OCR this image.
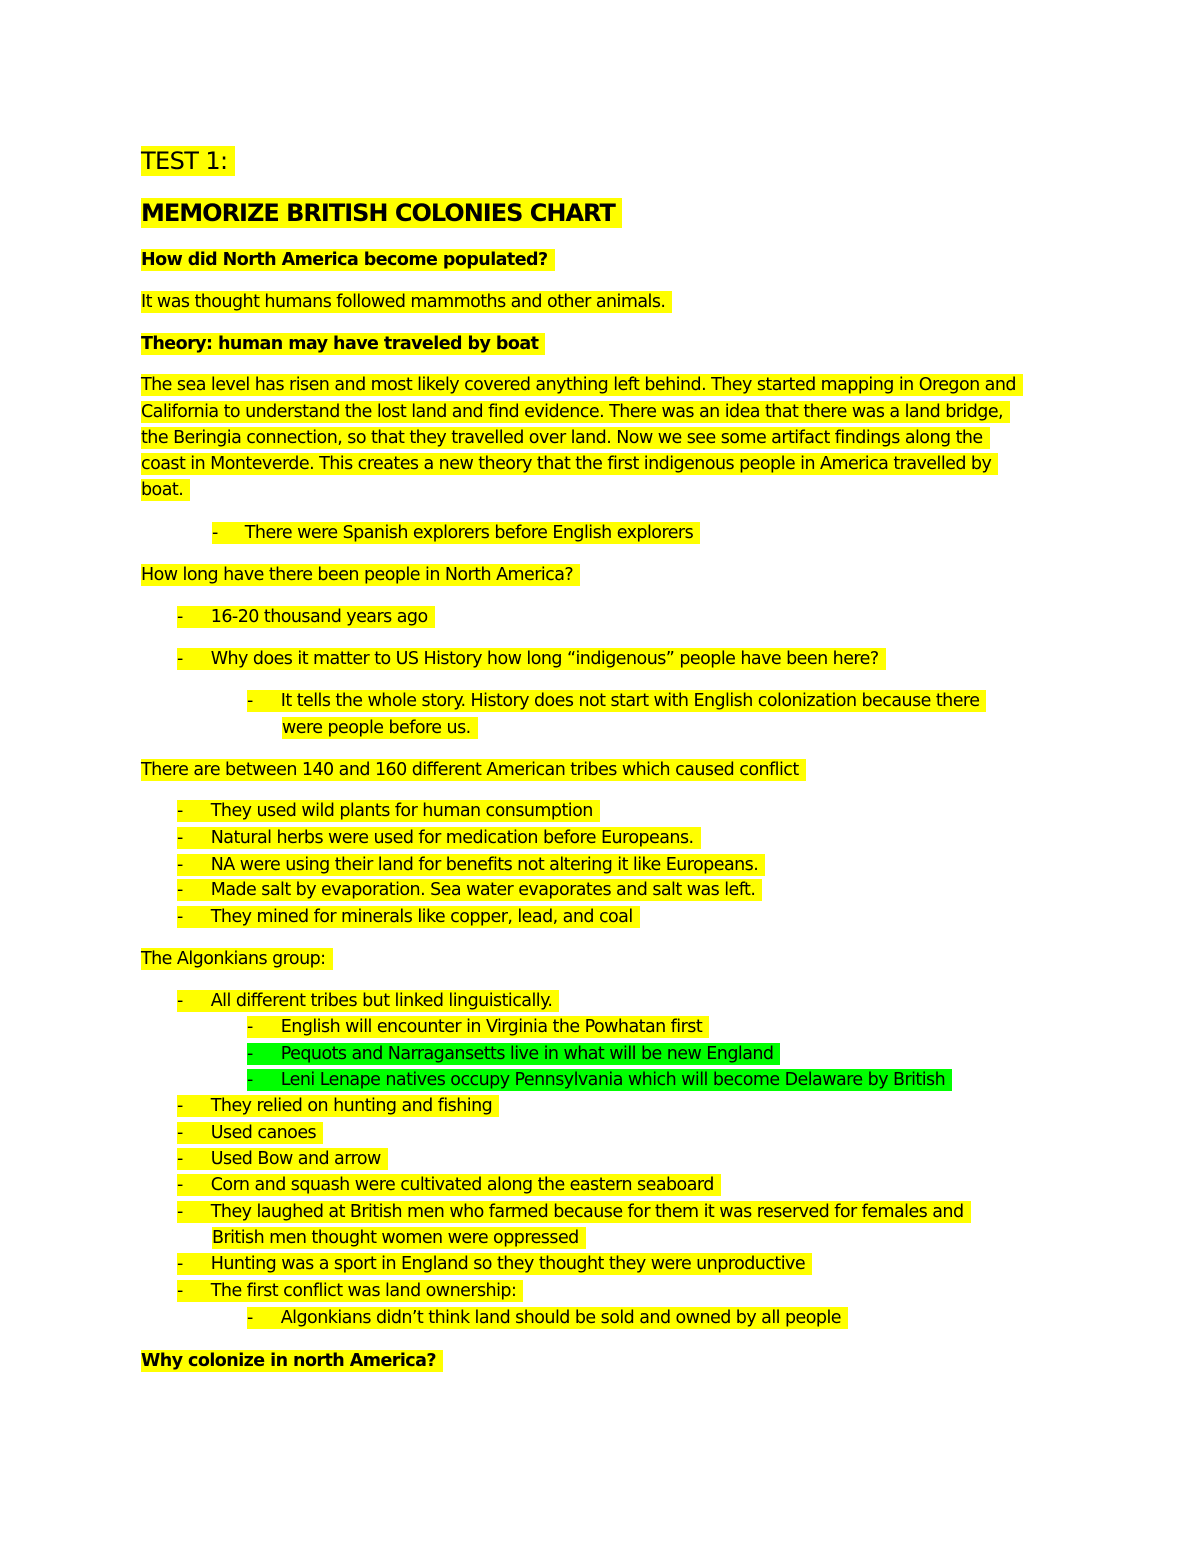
TEST 1:
MEMORIZE BRITISH COLONIES CHART
How did North America become populated?
It was thought humans followed mammoths and other animals.
Theory: human may have traveled by boat
The sea level has risen and most likely covered anything left behind. They started mapping in Oregon and
California to understand the lost land and find evidence. There was an idea that there was a land bridge,
the Beringia connection, so that they travelled over land. Now we see some artifact findings along the
coast in Monteverde. This creates a new theory that the first indigenous people in America travelled by
boat.
- There were Spanish explorers before English explorers
How long have there been people in North America?
- 16-20 thousand years ago
- Why does it matter to US History how long “indigenous” people have been here?
- It tells the whole story. History does not start with English colonization because there
were people before us.
There are between 140 and 160 different American tribes which caused conflict
- They used wild plants for human consumption
- Natural herbs were used for medication before Europeans.
- NA were using their land for benefits not altering it like Europeans.
- Made salt by evaporation. Sea water evaporates and salt was left.
- They mined for minerals like copper, lead, and coal
The Algonkians group:
- All different tribes but linked linguistically.
- English will encounter in Virginia the Powhatan first
- Pequots and Narragansetts live in what will be new England
- Leni Lenape natives occupy Pennsylvania which will become Delaware by British
- They relied on hunting and fishing
- Used canoes
- Used Bow and arrow
- Corn and squash were cultivated along the eastern seaboard
- They laughed at British men who farmed because for them it was reserved for females and
British men thought women were oppressed
- Hunting was a sport in England so they thought they were unproductive
- The first conflict was land ownership:
- Algonkians didn’t think land should be sold and owned by all people
Why colonize in north America?
